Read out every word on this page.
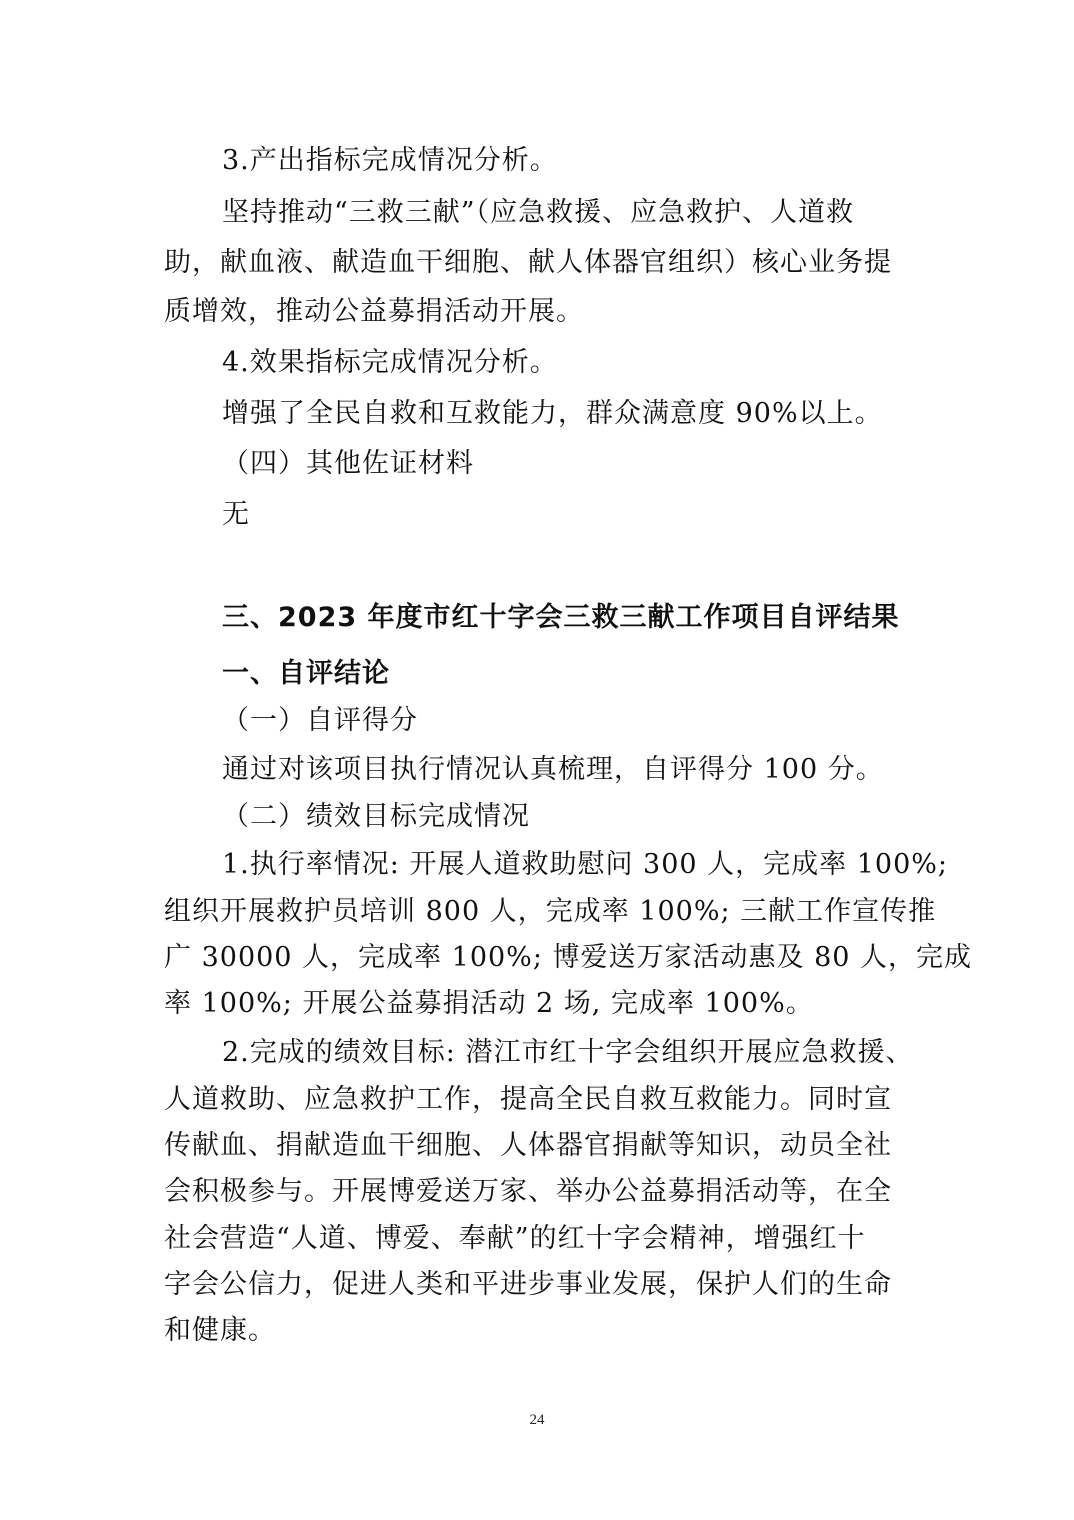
3.产出指标完成情况分析。
坚持推动“三救三献”（应急救援、应急救护、人道救
助，献血液、献造血干细胞、献人体器官组织）核心业务提
质增效，推动公益募捐活动开展。
4.效果指标完成情况分析。
增强了全民自救和互救能力，群众满意度 90%以上。
（四）其他佐证材料
无
三、2023 年度市红十字会三救三献工作项目自评结果
一、自评结论
（一）自评得分
通过对该项目执行情况认真梳理，自评得分 100 分。
（二）绩效目标完成情况
1.执行率情况: 开展人道救助慰问 300 人，完成率 100%;
组织开展救护员培训 800 人，完成率 100%; 三献工作宣传推
广 30000 人，完成率 100%; 博爱送万家活动惠及 80 人，完成
率 100%; 开展公益募捐活动 2 场, 完成率 100%。
2.完成的绩效目标: 潜江市红十字会组织开展应急救援、
人道救助、应急救护工作，提高全民自救互救能力。同时宣
传献血、捐献造血干细胞、人体器官捐献等知识，动员全社
会积极参与。开展博爱送万家、举办公益募捐活动等，在全
社会营造“人道、博爱、奉献”的红十字会精神，增强红十
字会公信力，促进人类和平进步事业发展，保护人们的生命
和健康。
24
